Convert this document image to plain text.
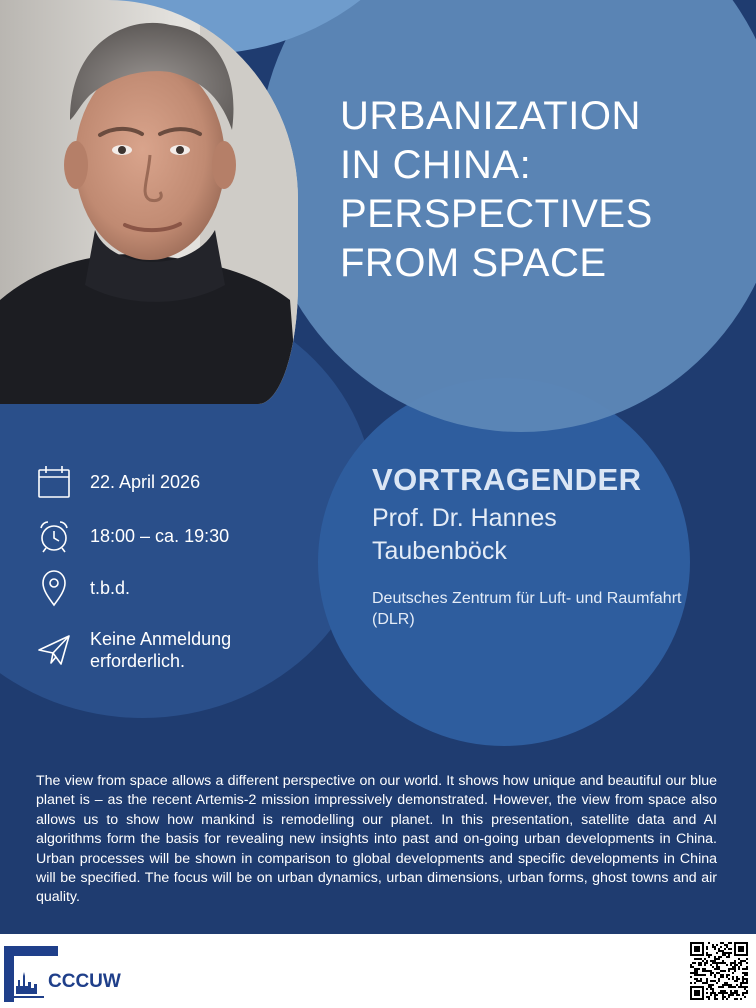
URBANIZATION
IN CHINA:
PERSPECTIVES
FROM SPACE
22. April 2026
18:00 – ca. 19:30
t.b.d.
Keine Anmeldung
erforderlich.
VORTRAGENDER
Prof. Dr. Hannes
Taubenböck
Deutsches Zentrum für Luft- und Raumfahrt (DLR)
The view from space allows a different perspective on our world. It shows how unique and beautiful our blue planet is – as the recent Artemis-2 mission impressively demonstrated. However, the view from space also allows us to show how mankind is remodelling our planet. In this presentation, satellite data and AI algorithms form the basis for revealing new insights into past and on-going urban developments in China. Urban processes will be shown in comparison to global developments and specific developments in China will be specified. The focus will be on urban dynamics, urban dimensions, urban forms, ghost towns and air quality.
CCCUW
